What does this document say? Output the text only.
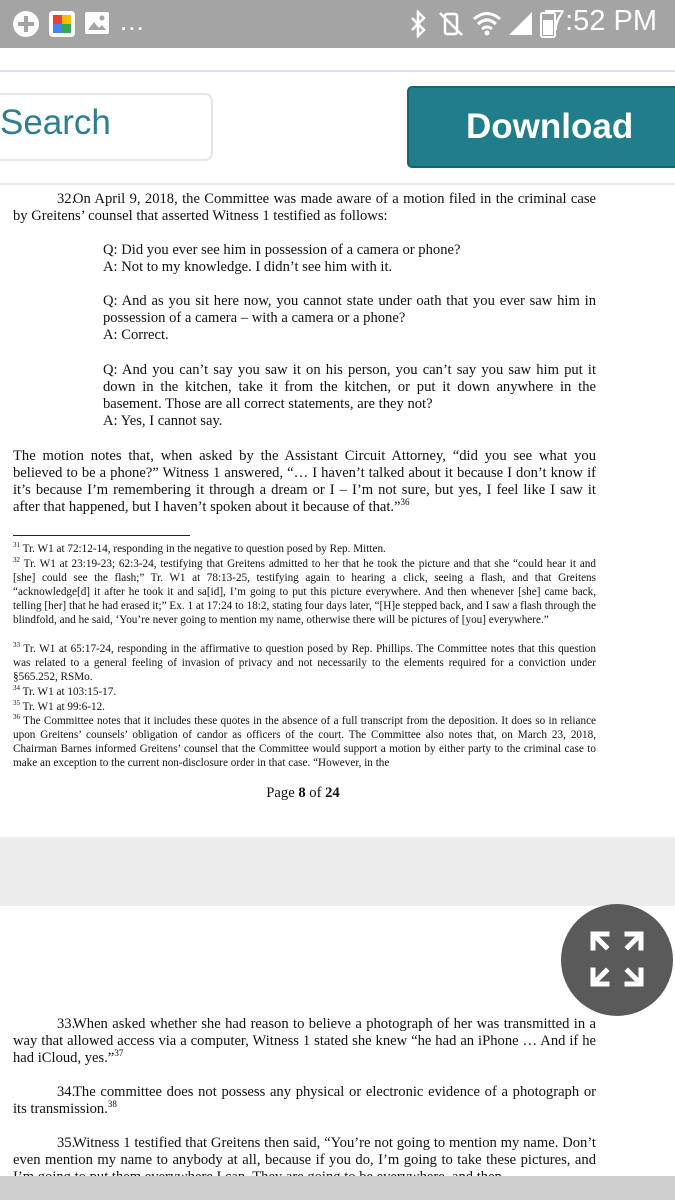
...	7:52 PM
Search	Download
32.On April 9, 2018, the Committee was made aware of a motion filed in the criminal case by Greitens’ counsel that asserted Witness 1 testified as follows:
Q: Did you ever see him in possession of a camera or phone?
A: Not to my knowledge. I didn’t see him with it.
Q: And as you sit here now, you cannot state under oath that you ever saw him in possession of a camera – with a camera or a phone?
A: Correct.
Q: And you can’t say you saw it on his person, you can’t say you saw him put it down in the kitchen, take it from the kitchen, or put it down anywhere in the basement. Those are all correct statements, are they not?
A: Yes, I cannot say.
The motion notes that, when asked by the Assistant Circuit Attorney, “did you see what you believed to be a phone?” Witness 1 answered, “… I haven’t talked about it because I don’t know if it’s because I’m remembering it through a dream or I – I’m not sure, but yes, I feel like I saw it after that happened, but I haven’t spoken about it because of that.”$^{36}$
$^{31}$ Tr. W1 at 72:12-14, responding in the negative to question posed by Rep. Mitten.
$^{32}$ Tr. W1 at 23:19-23; 62:3-24, testifying that Greitens admitted to her that he took the picture and that she “could hear it and [she] could see the flash;” Tr. W1 at 78:13-25, testifying again to hearing a click, seeing a flash, and that Greitens “acknowledge[d] it after he took it and sa[id], I’m going to put this picture everywhere. And then whenever [she] came back, telling [her] that he had erased it;” Ex. 1 at 17:24 to 18:2, stating four days later, “[H]e stepped back, and I saw a flash through the blindfold, and he said, ‘You’re never going to mention my name, otherwise there will be pictures of [you] everywhere.”
$^{33}$ Tr. W1 at 65:17-24, responding in the affirmative to question posed by Rep. Phillips. The Committee notes that this question was related to a general feeling of invasion of privacy and not necessarily to the elements required for a conviction under §565.252, RSMo.
$^{34}$ Tr. W1 at 103:15-17.
$^{35}$ Tr. W1 at 99:6-12.
$^{36}$ The Committee notes that it includes these quotes in the absence of a full transcript from the deposition. It does so in reliance upon Greitens’ counsels’ obligation of candor as officers of the court. The Committee also notes that, on March 23, 2018, Chairman Barnes informed Greitens’ counsel that the Committee would support a motion by either party to the criminal case to make an exception to the current non-disclosure order in that case. “However, in the
Page 8 of 24
33.When asked whether she had reason to believe a photograph of her was transmitted in a way that allowed access via a computer, Witness 1 stated she knew “he had an iPhone … And if he had iCloud, yes.”$^{37}$
34.The committee does not possess any physical or electronic evidence of a photograph or its transmission.$^{38}$
35.Witness 1 testified that Greitens then said, “You’re not going to mention my name. Don’t even mention my name to anybody at all, because if you do, I’m going to take these pictures, and
